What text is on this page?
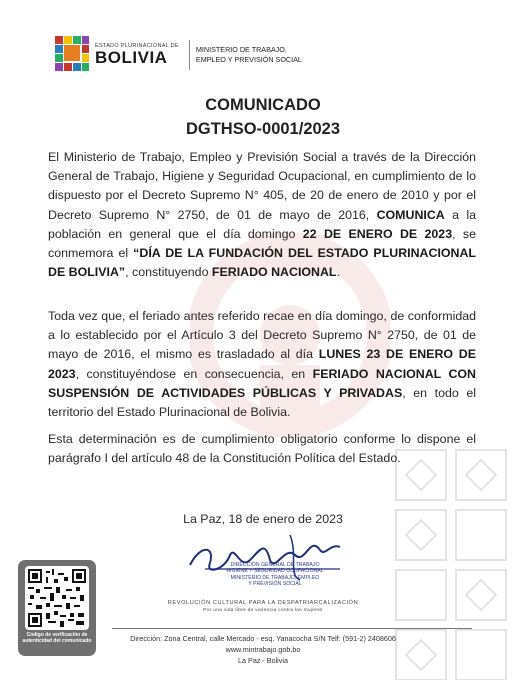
ESTADO PLURINACIONAL DE
BOLIVIA	MINISTERIO DE TRABAJO,
EMPLEO Y PREVISIÓN SOCIAL
COMUNICADO
DGTHSO-0001/2023
El Ministerio de Trabajo, Empleo y Previsión Social a través de la Dirección General de Trabajo, Higiene y Seguridad Ocupacional, en cumplimiento de lo dispuesto por el Decreto Supremo N° 405, de 20 de enero de 2010 y por el Decreto Supremo N° 2750, de 01 de mayo de 2016, COMUNICA a la población en general que el día domingo 22 DE ENERO DE 2023, se conmemora el “DÍA DE LA FUNDACIÓN DEL ESTADO PLURINACIONAL DE BOLIVIA”, constituyendo FERIADO NACIONAL.
Toda vez que, el feriado antes referido recae en día domingo, de conformidad a lo establecido por el Artículo 3 del Decreto Supremo N° 2750, de 01 de mayo de 2016, el mismo es trasladado al día LUNES 23 DE ENERO DE 2023, constituyéndose en consecuencia, en FERIADO NACIONAL CON SUSPENSIÓN DE ACTIVIDADES PÚBLICAS Y PRIVADAS, en todo el territorio del Estado Plurinacional de Bolivia.
Esta determinación es de cumplimiento obligatorio conforme lo dispone el parágrafo I del artículo 48 de la Constitución Política del Estado.
La Paz, 18 de enero de 2023
DIRECCIÓN GENERAL DE TRABAJO
HIGIENE Y SEGURIDAD OCUPACIONAL
MINISTERIO DE TRABAJO, EMPLEO
Y PREVISIÓN SOCIAL
REVOLUCIÓN CULTURAL PARA LA DESPATRIARCALIZACIÓN
Por una vida libre de violencia contra las mujeres
Dirección: Zona Central, calle Mercado - esq. Yanacocha S/N Telf: (591-2) 2408606
www.mintrabajo.gob.bo
La Paz - Bolivia
Código de verificación de autenticidad del comunicado
